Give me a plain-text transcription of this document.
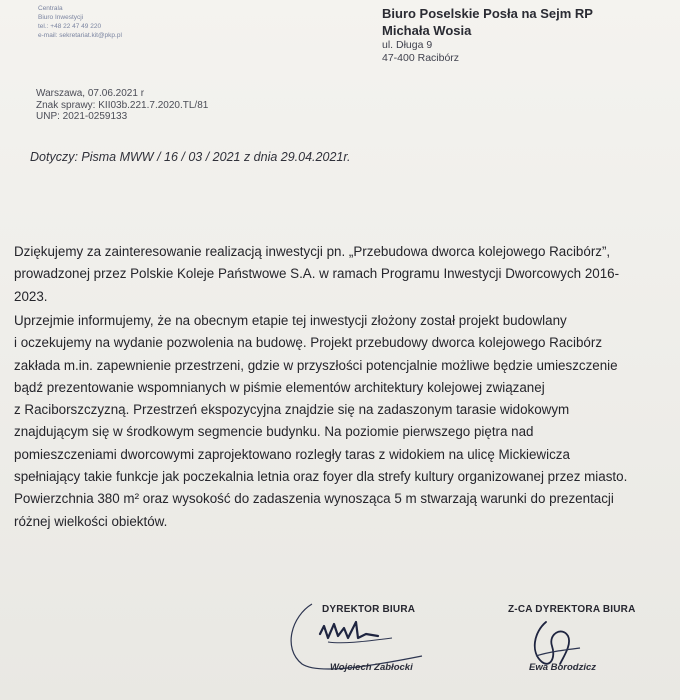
Centrala
Biuro Inwestycji
tel.: +48 22 47 49 220
e-mail: sekretariat.kit@pkp.pl
Biuro Poselskie Posła na Sejm RP
Michała Wosia
ul. Długa 9
47-400 Racibórz
Warszawa, 07.06.2021 r
Znak sprawy: KII03b.221.7.2020.TL/81
UNP: 2021-0259133
Dotyczy: Pisma MWW / 16 / 03 / 2021 z dnia 29.04.2021r.
Dziękujemy za zainteresowanie realizacją inwestycji pn. „Przebudowa dworca kolejowego Racibórz”,
prowadzonej przez Polskie Koleje Państwowe S.A. w ramach Programu Inwestycji Dworcowych 2016-
2023.
Uprzejmie informujemy, że na obecnym etapie tej inwestycji złożony został projekt budowlany
i oczekujemy na wydanie pozwolenia na budowę. Projekt przebudowy dworca kolejowego Racibórz
zakłada m.in. zapewnienie przestrzeni, gdzie w przyszłości potencjalnie możliwe będzie umieszczenie
bądź prezentowanie wspomnianych w piśmie elementów architektury kolejowej związanej
z Raciborszczyzną. Przestrzeń ekspozycyjna znajdzie się na zadaszonym tarasie widokowym
znajdującym się w środkowym segmencie budynku. Na poziomie pierwszego piętra nad
pomieszczeniami dworcowymi zaprojektowano rozległy taras z widokiem na ulicę Mickiewicza
spełniający takie funkcje jak poczekalnia letnia oraz foyer dla strefy kultury organizowanej przez miasto.
Powierzchnia 380 m² oraz wysokość do zadaszenia wynosząca 5 m stwarzają warunki do prezentacji
różnej wielkości obiektów.
DYREKTOR BIURA
Wojciech Zabłocki
Z-CA DYREKTORA BIURA
Ewa Borodzicz
